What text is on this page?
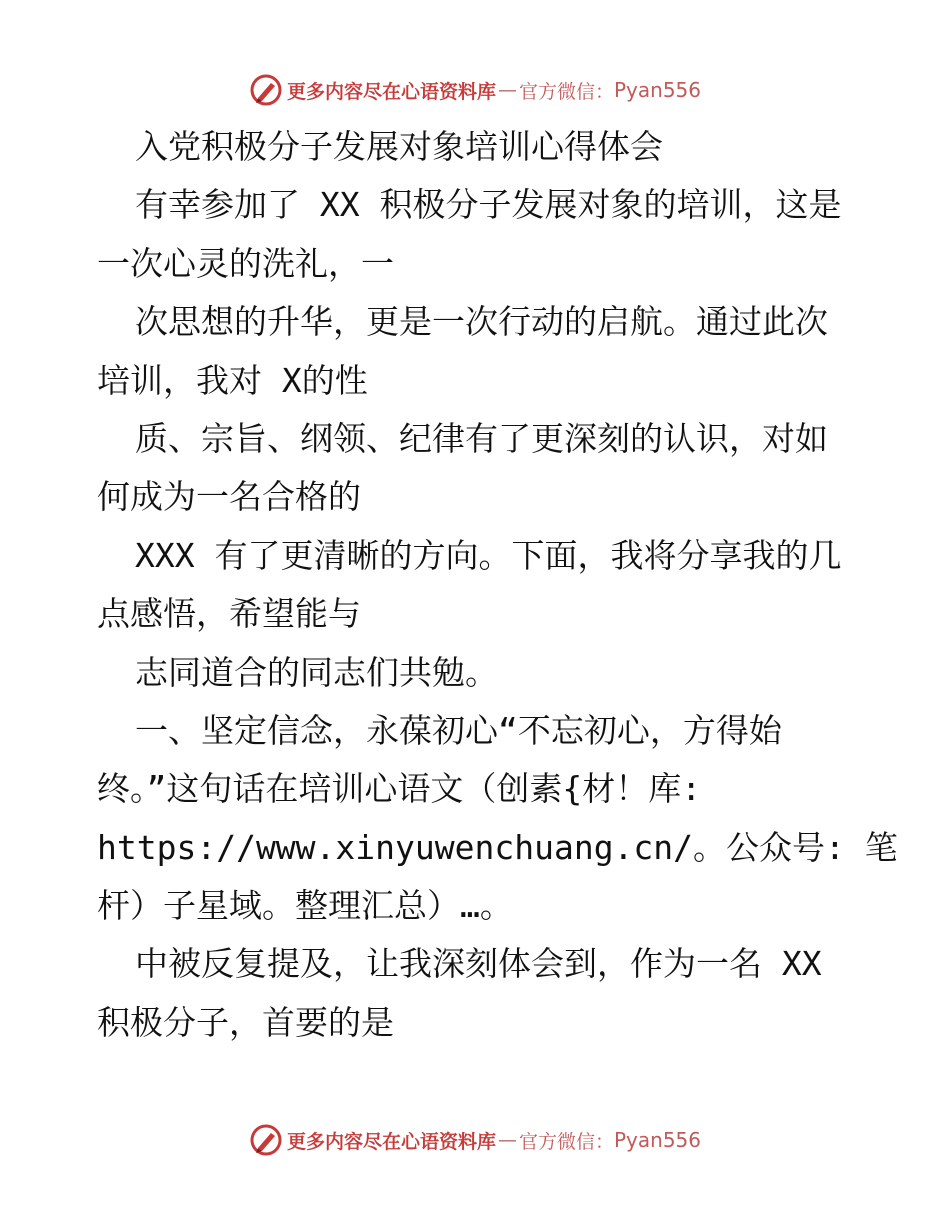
更多内容尽在心语资料库 — 官方微信： Pyan556
入党积极分子发展对象培训心得体会
有幸参加了 XX 积极分子发展对象的培训，这是
一次心灵的洗礼，一
次思想的升华，更是一次行动的启航。通过此次
培训，我对 X的性
质、宗旨、纲领、纪律有了更深刻的认识，对如
何成为一名合格的
XXX 有了更清晰的方向。下面，我将分享我的几
点感悟，希望能与
志同道合的同志们共勉。
一、坚定信念，永葆初心“不忘初心，方得始
终。”这句话在培训心语文（创素{材！库:
https://www.xinyuwenchuang.cn/。公众号: 笔
杆）子星域。整理汇总）…。
中被反复提及，让我深刻体会到，作为一名 XX
积极分子，首要的是
更多内容尽在心语资料库 — 官方微信： Pyan556
